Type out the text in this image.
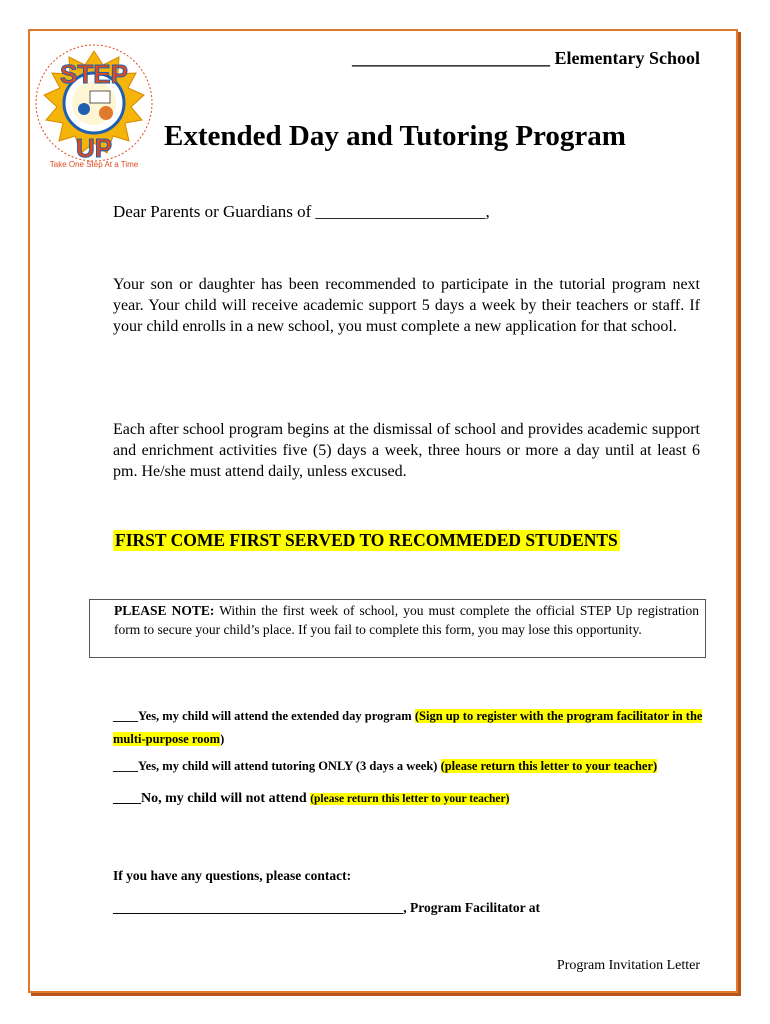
STEP
UP
Take One Step At a Time
______________________ Elementary School
Extended Day and Tutoring Program
Dear Parents or Guardians of ____________________,
Your son or daughter has been recommended to participate in the tutorial program next year. Your child will receive academic support 5 days a week by their teachers or staff. If your child enrolls in a new school, you must complete a new application for that school.
Each after school program begins at the dismissal of school and provides academic support and enrichment activities five (5) days a week, three hours or more a day until at least 6 pm. He/she must attend daily, unless excused.
FIRST COME FIRST SERVED TO RECOMMEDED STUDENTS
PLEASE NOTE: Within the first week of school, you must complete the official STEP Up registration form to secure your child’s place. If you fail to complete this form, you may lose this opportunity.
____Yes, my child will attend the extended day program (Sign up to register with the program facilitator in the multi-purpose room)
____Yes, my child will attend tutoring ONLY (3 days a week) (please return this letter to your teacher)
____No, my child will not attend (please return this letter to your teacher)
If you have any questions, please contact:
___________________________________________, Program Facilitator at
Program Invitation Letter
